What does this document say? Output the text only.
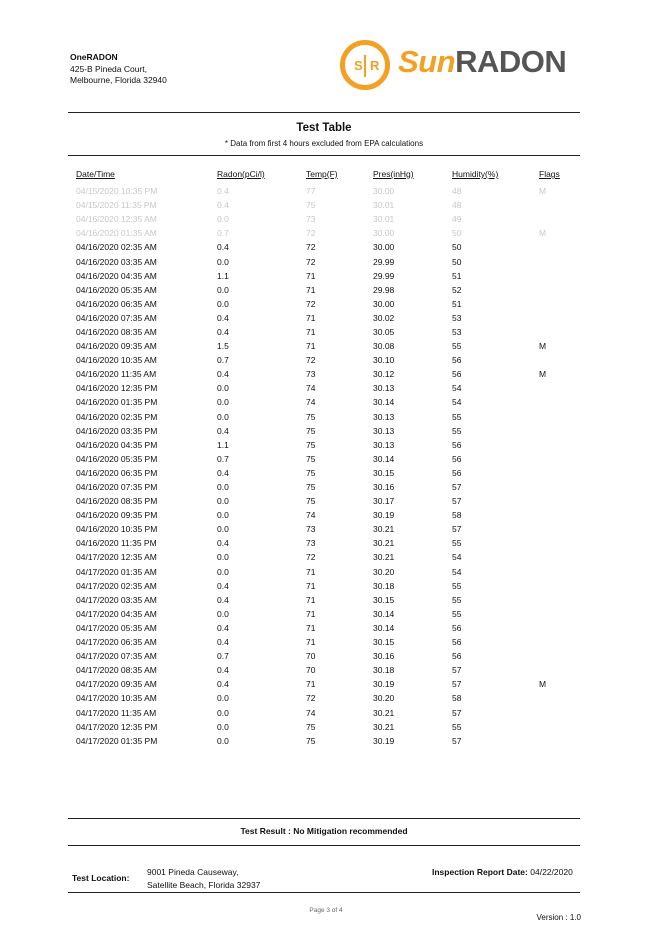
OneRADON
425-B Pineda Court,
Melbourne, Florida 32940
S R SunRADON
Test Table
* Data from first 4 hours excluded from EPA calculations
Date/Time	Radon(pCi/l)	Temp(F)	Pres(inHg)	Humidity(%)	Flags
04/15/2020 10:35 PM	0.4	77	30.00	48	M
04/15/2020 11:35 PM	0.4	75	30.01	48	
04/16/2020 12:35 AM	0.0	73	30.01	49	
04/16/2020 01:35 AM	0.7	72	30.00	50	M
04/16/2020 02:35 AM	0.4	72	30.00	50	
04/16/2020 03:35 AM	0.0	72	29.99	50	
04/16/2020 04:35 AM	1.1	71	29.99	51	
04/16/2020 05:35 AM	0.0	71	29.98	52	
04/16/2020 06:35 AM	0.0	72	30.00	51	
04/16/2020 07:35 AM	0.4	71	30.02	53	
04/16/2020 08:35 AM	0.4	71	30.05	53	
04/16/2020 09:35 AM	1.5	71	30.08	55	M
04/16/2020 10:35 AM	0.7	72	30.10	56	
04/16/2020 11:35 AM	0.4	73	30.12	56	M
04/16/2020 12:35 PM	0.0	74	30.13	54	
04/16/2020 01:35 PM	0.0	74	30.14	54	
04/16/2020 02:35 PM	0.0	75	30.13	55	
04/16/2020 03:35 PM	0.4	75	30.13	55	
04/16/2020 04:35 PM	1.1	75	30.13	56	
04/16/2020 05:35 PM	0.7	75	30.14	56	
04/16/2020 06:35 PM	0.4	75	30.15	56	
04/16/2020 07:35 PM	0.0	75	30.16	57	
04/16/2020 08:35 PM	0.0	75	30.17	57	
04/16/2020 09:35 PM	0.0	74	30.19	58	
04/16/2020 10:35 PM	0.0	73	30.21	57	
04/16/2020 11:35 PM	0.4	73	30.21	55	
04/17/2020 12:35 AM	0.0	72	30.21	54	
04/17/2020 01:35 AM	0.0	71	30.20	54	
04/17/2020 02:35 AM	0.4	71	30.18	55	
04/17/2020 03:35 AM	0.4	71	30.15	55	
04/17/2020 04:35 AM	0.0	71	30.14	55	
04/17/2020 05:35 AM	0.4	71	30.14	56	
04/17/2020 06:35 AM	0.4	71	30.15	56	
04/17/2020 07:35 AM	0.7	70	30.16	56	
04/17/2020 08:35 AM	0.4	70	30.18	57	
04/17/2020 09:35 AM	0.4	71	30.19	57	M
04/17/2020 10:35 AM	0.0	72	30.20	58	
04/17/2020 11:35 AM	0.0	74	30.21	57	
04/17/2020 12:35 PM	0.0	75	30.21	55	
04/17/2020 01:35 PM	0.0	75	30.19	57	
Test Result : No Mitigation recommended
Test Location:
9001 Pineda Causeway,
Satellite Beach, Florida 32937
Inspection Report Date: 04/22/2020
Page 3 of 4
Version : 1.0
